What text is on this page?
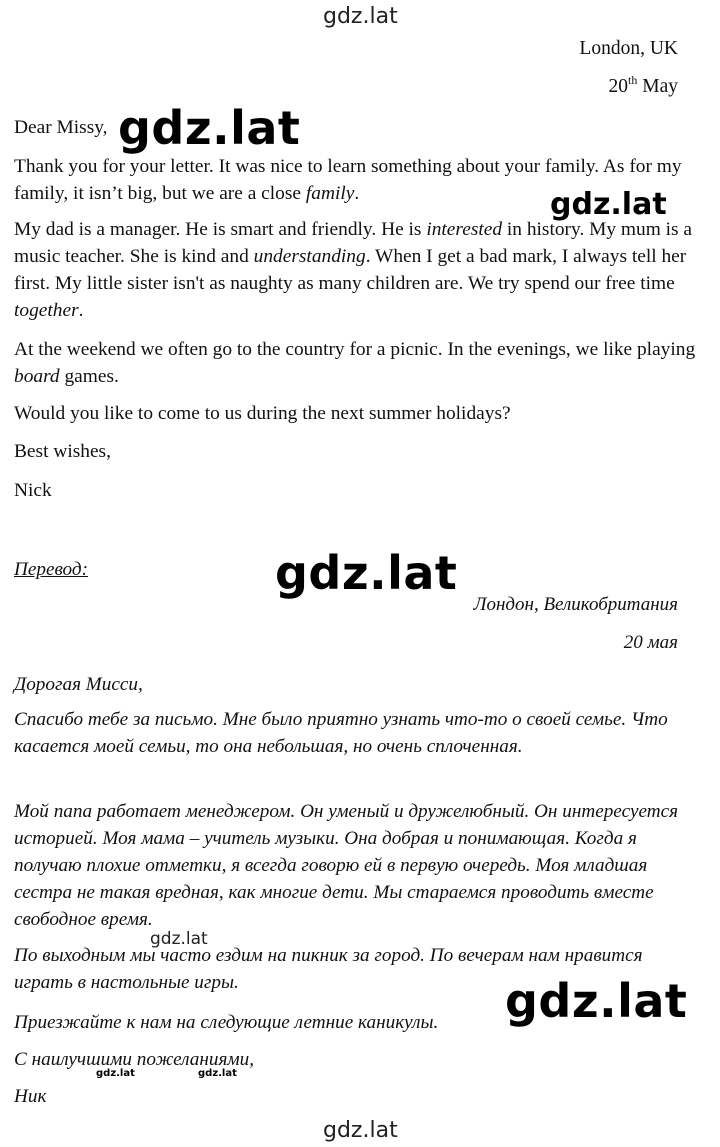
gdz.lat
gdz.lat
gdz.lat
gdz.lat
gdz.lat
gdz.lat
gdz.lat	gdz.lat
gdz.lat
London, UK
20th May

Dear Missy,

Thank you for your letter. It was nice to learn something about your family. As for my family, it isn’t big, but we are a close family.

My dad is a manager. He is smart and friendly. He is interested in history. My mum is a music teacher. She is kind and understanding. When I get a bad mark, I always tell her first. My little sister isn't as naughty as many children are. We try spend our free time together.

At the weekend we often go to the country for a picnic. In the evenings, we like playing board games.

Would you like to come to us during the next summer holidays?

Best wishes,

Nick

Перевод:

Лондон, Великобритания
20 мая

Дорогая Мисси,

Спасибо тебе за письмо. Мне было приятно узнать что-то о своей семье. Что касается моей семьи, то она небольшая, но очень сплоченная.

Мой папа работает менеджером. Он уменый и дружелюбный. Он интересуется историей. Моя мама – учитель музыки. Она добрая и понимающая. Когда я получаю плохие отметки, я всегда говорю ей в первую очередь. Моя младшая сестра не такая вредная, как многие дети. Мы стараемся проводить вместе свободное время.

По выходным мы часто ездим на пикник за город. По вечерам нам нравится играть в настольные игры.

Приезжайте к нам на следующие летние каникулы.

С наилучшими пожеланиями,

Ник
